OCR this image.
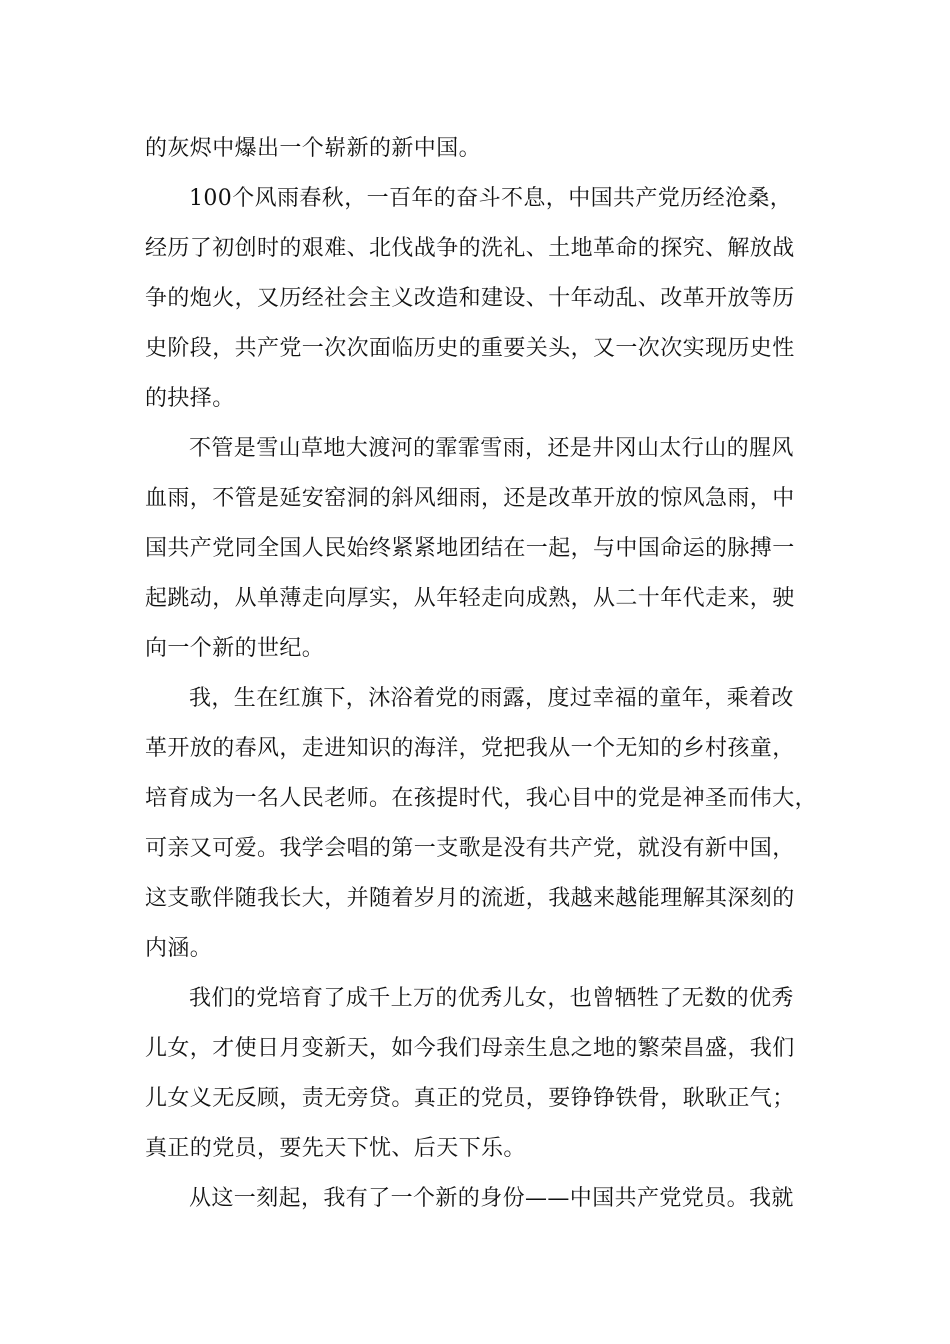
的灰烬中爆出一个崭新的新中国。
100个风雨春秋，一百年的奋斗不息，中国共产党历经沧桑，
经历了初创时的艰难、北伐战争的洗礼、土地革命的探究、解放战
争的炮火，又历经社会主义改造和建设、十年动乱、改革开放等历
史阶段，共产党一次次面临历史的重要关头，又一次次实现历史性
的抉择。
不管是雪山草地大渡河的霏霏雪雨，还是井冈山太行山的腥风
血雨，不管是延安窑洞的斜风细雨，还是改革开放的惊风急雨，中
国共产党同全国人民始终紧紧地团结在一起，与中国命运的脉搏一
起跳动，从单薄走向厚实，从年轻走向成熟，从二十年代走来，驶
向一个新的世纪。
我，生在红旗下，沐浴着党的雨露，度过幸福的童年，乘着改
革开放的春风，走进知识的海洋，党把我从一个无知的乡村孩童，
培育成为一名人民老师。在孩提时代，我心目中的党是神圣而伟大，
可亲又可爱。我学会唱的第一支歌是没有共产党，就没有新中国，
这支歌伴随我长大，并随着岁月的流逝，我越来越能理解其深刻的
内涵。
我们的党培育了成千上万的优秀儿女，也曾牺牲了无数的优秀
儿女，才使日月变新天，如今我们母亲生息之地的繁荣昌盛，我们
儿女义无反顾，责无旁贷。真正的党员，要铮铮铁骨，耿耿正气；
真正的党员，要先天下忧、后天下乐。
从这一刻起，我有了一个新的身份——中国共产党党员。我就
